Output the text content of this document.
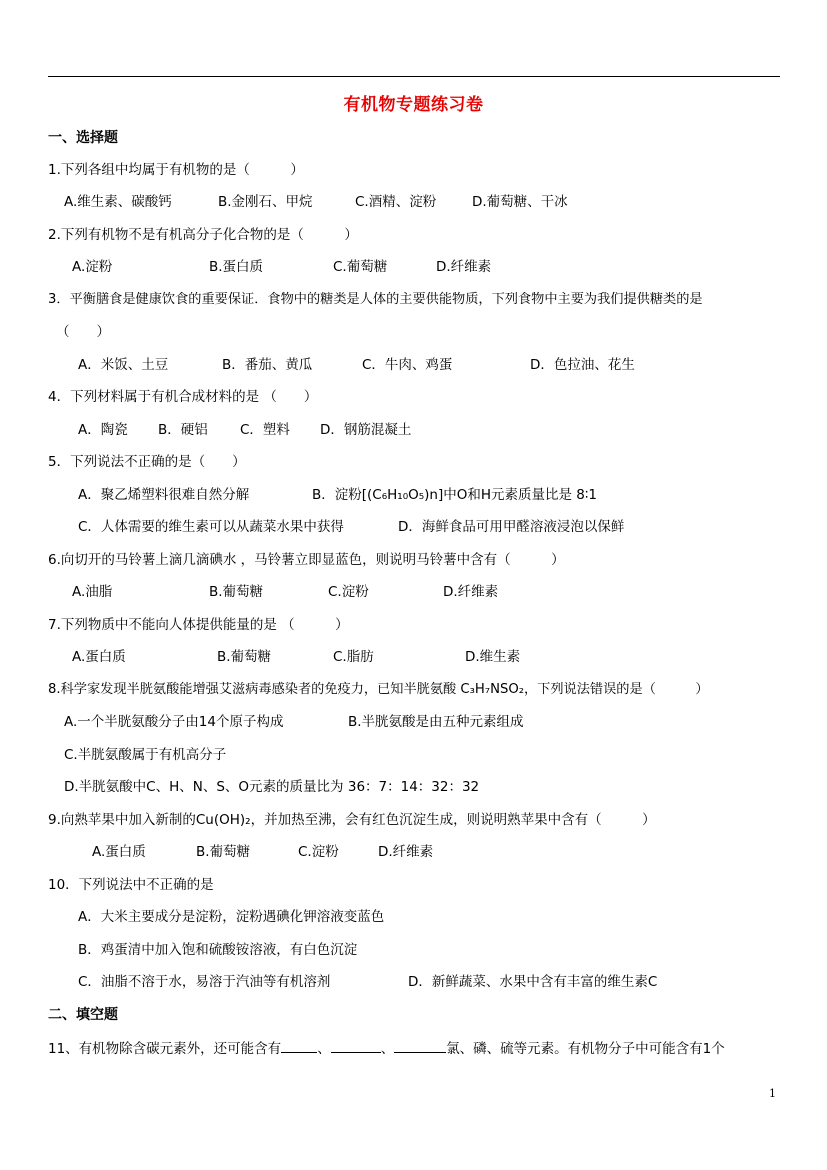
有机物专题练习卷
一、选择题
1.下列各组中均属于有机物的是（　　　）
A.维生素、碳酸钙	B.金刚石、甲烷	C.酒精、淀粉	D.葡萄糖、干冰
2.下列有机物不是有机高分子化合物的是（　　　）
A.淀粉	B.蛋白质	C.葡萄糖	D.纤维素
3．平衡膳食是健康饮食的重要保证．食物中的糖类是人体的主要供能物质，下列食物中主要为我们提供糖类的是
（　　）
A．米饭、土豆	B．番茄、黄瓜	C．牛肉、鸡蛋	D．色拉油、花生
4．下列材料属于有机合成材料的是 （　　）
A．陶瓷 B．硬铝 C．塑料 D．钢筋混凝土
5．下列说法不正确的是（　　）
A．聚乙烯塑料很难自然分解	B．淀粉[(C₆H₁₀O₅)n]中O和H元素质量比是 8∶1
C．人体需要的维生素可以从蔬菜水果中获得	D．海鲜食品可用甲醛溶液浸泡以保鲜
6.向切开的马铃薯上滴几滴碘水 ，马铃薯立即显蓝色，则说明马铃薯中含有（　　　）
A.油脂	B.葡萄糖	C.淀粉	D.纤维素
7.下列物质中不能向人体提供能量的是 （　　　）
A.蛋白质	B.葡萄糖	C.脂肪	D.维生素
8.科学家发现半胱氨酸能增强艾滋病毒感染者的免疫力，已知半胱氨酸 C₃H₇NSO₂，下列说法错误的是（　　　）
A.一个半胱氨酸分子由14个原子构成	B.半胱氨酸是由五种元素组成
C.半胱氨酸属于有机高分子
D.半胱氨酸中C、H、N、S、O元素的质量比为 36：7：14：32：32
9.向熟苹果中加入新制的Cu(OH)₂，并加热至沸，会有红色沉淀生成，则说明熟苹果中含有（　　　）
A.蛋白质	B.葡萄糖	C.淀粉	D.纤维素
10．下列说法中不正确的是
A．大米主要成分是淀粉，淀粉遇碘化钾溶液变蓝色
B．鸡蛋清中加入饱和硫酸铵溶液，有白色沉淀
C．油脂不溶于水，易溶于汽油等有机溶剂	D．新鲜蔬菜、水果中含有丰富的维生素C
二、填空题
11、有机物除含碳元素外，还可能含有	、	、	氯、磷、硫等元素。有机物分子中可能含有1个
1
